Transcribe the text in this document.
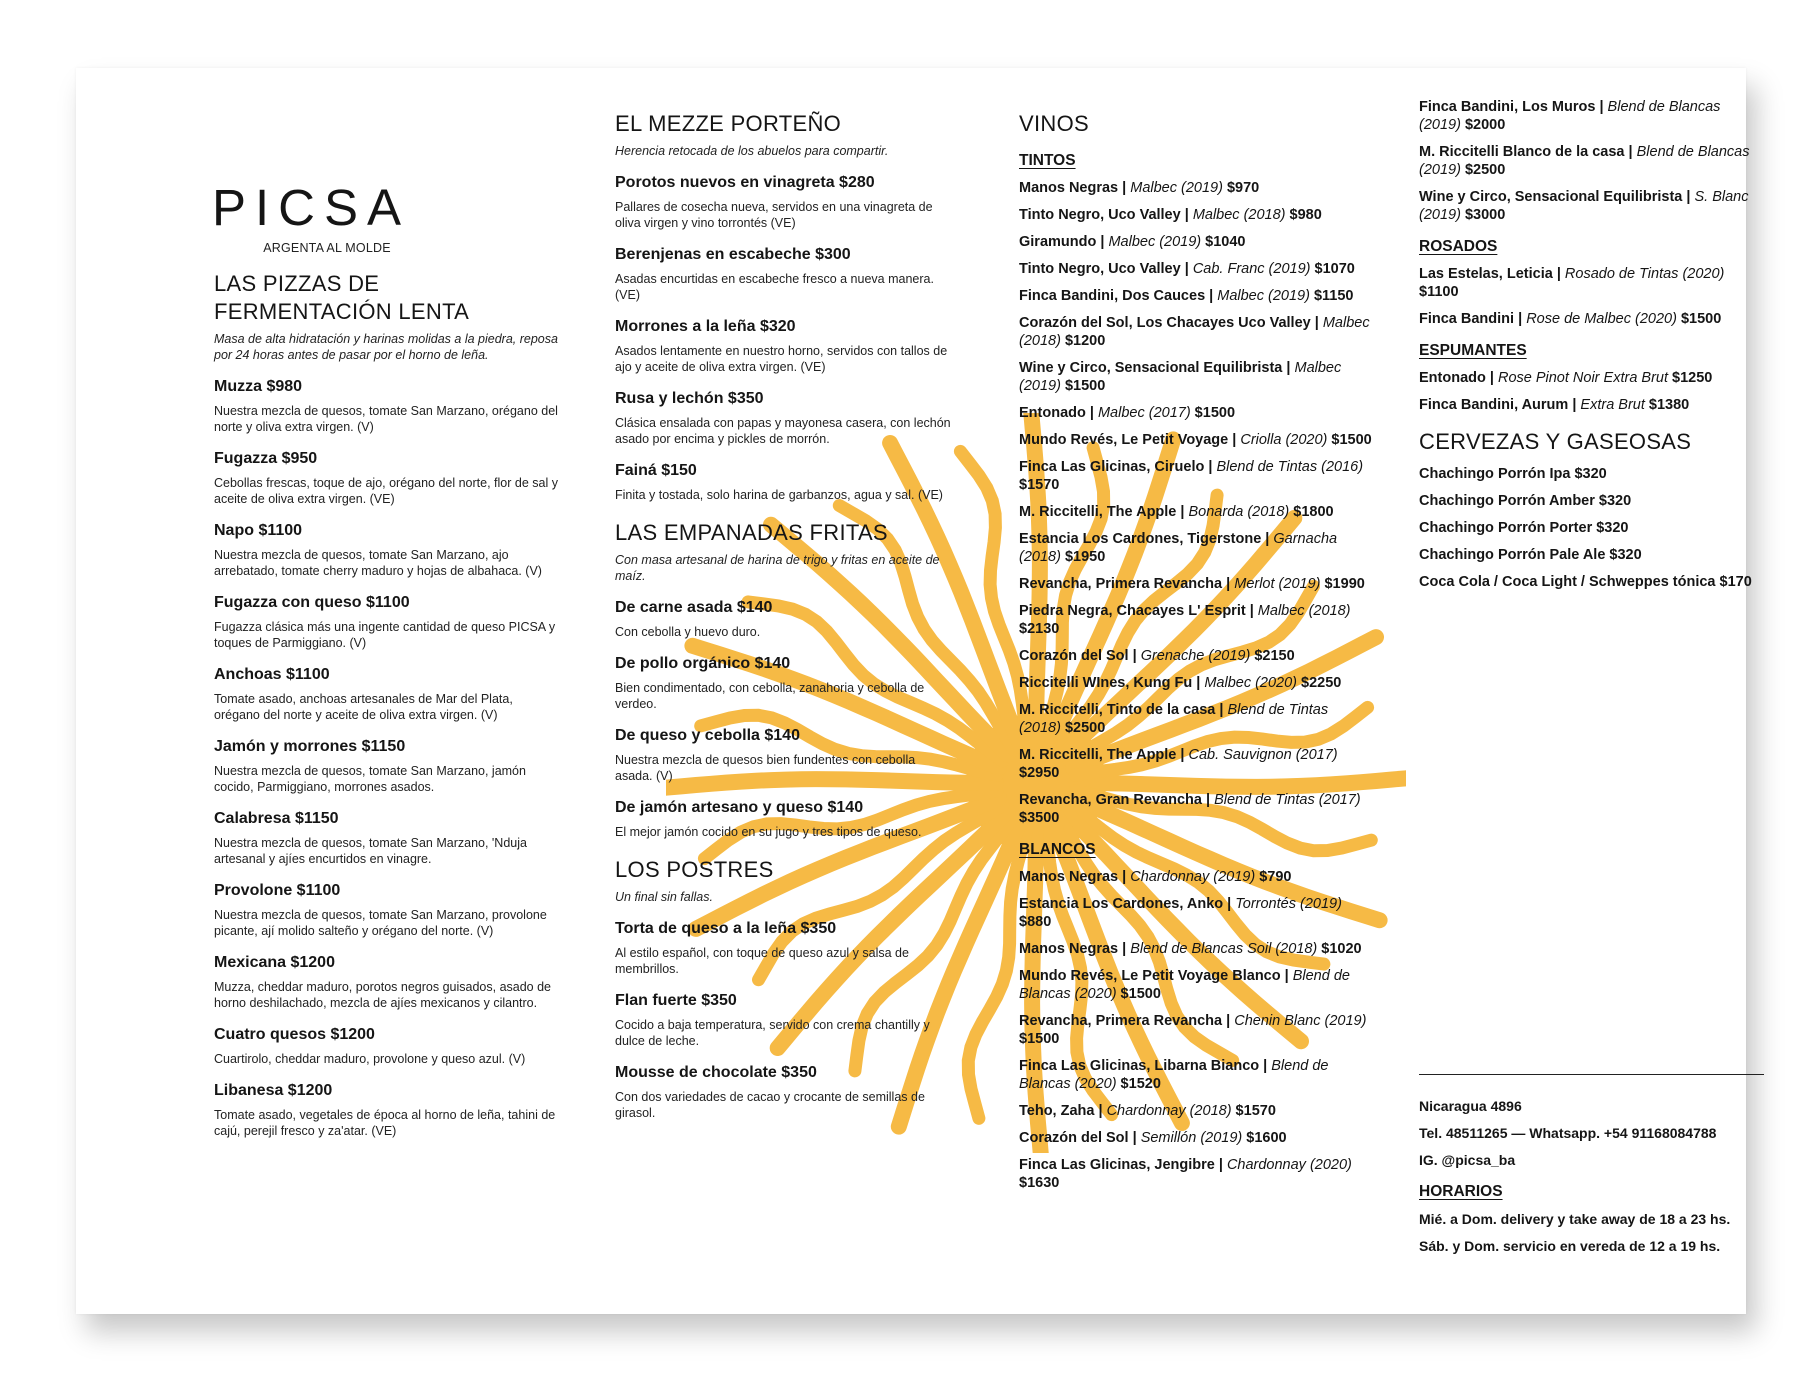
PICSA
ARGENTA AL MOLDE
LAS PIZZAS DE
FERMENTACIÓN LENTA
Masa de alta hidratación y harinas molidas a la piedra, reposa por 24 horas antes de pasar por el horno de leña.
Muzza $980
Nuestra mezcla de quesos, tomate San Marzano, orégano del norte y oliva extra virgen. (V)
Fugazza $950
Cebollas frescas, toque de ajo, orégano del norte, flor de sal y aceite de oliva extra virgen. (VE)
Napo $1100
Nuestra mezcla de quesos, tomate San Marzano, ajo arrebatado, tomate cherry maduro y hojas de albahaca. (V)
Fugazza con queso $1100
Fugazza clásica más una ingente cantidad de queso PICSA y toques de Parmiggiano. (V)
Anchoas $1100
Tomate asado, anchoas artesanales de Mar del Plata, orégano del norte y aceite de oliva extra virgen. (V)
Jamón y morrones $1150
Nuestra mezcla de quesos, tomate San Marzano, jamón cocido, Parmiggiano, morrones asados.
Calabresa $1150
Nuestra mezcla de quesos, tomate San Marzano, 'Nduja artesanal y ajíes encurtidos en vinagre.
Provolone $1100
Nuestra mezcla de quesos, tomate San Marzano, provolone picante, ají molido salteño y orégano del norte. (V)
Mexicana $1200
Muzza, cheddar maduro, porotos negros guisados, asado de horno deshilachado, mezcla de ajíes mexicanos y cilantro.
Cuatro quesos $1200
Cuartirolo, cheddar maduro, provolone y queso azul. (V)
Libanesa $1200
Tomate asado, vegetales de época al horno de leña, tahini de cajú, perejil fresco y za'atar. (VE)
EL MEZZE PORTEÑO
Herencia retocada de los abuelos para compartir.
Porotos nuevos en vinagreta $280
Pallares de cosecha nueva, servidos en una vinagreta de oliva virgen y vino torrontés (VE)
Berenjenas en escabeche $300
Asadas encurtidas en escabeche fresco a nueva manera. (VE)
Morrones a la leña $320
Asados lentamente en nuestro horno, servidos con tallos de ajo y aceite de oliva extra virgen. (VE)
Rusa y lechón $350
Clásica ensalada con papas y mayonesa casera, con lechón asado por encima y pickles de morrón.
Fainá $150
Finita y tostada, solo harina de garbanzos, agua y sal. (VE)
LAS EMPANADAS FRITAS
Con masa artesanal de harina de trigo y fritas en aceite de maíz.
De carne asada $140
Con cebolla y huevo duro.
De pollo orgánico $140
Bien condimentado, con cebolla, zanahoria y cebolla de verdeo.
De queso y cebolla $140
Nuestra mezcla de quesos bien fundentes con cebolla asada. (V)
De jamón artesano y queso $140
El mejor jamón cocido en su jugo y tres tipos de queso.
LOS POSTRES
Un final sin fallas.
Torta de queso a la leña $350
Al estilo español, con toque de queso azul y salsa de membrillos.
Flan fuerte $350
Cocido a baja temperatura, servido con crema chantilly y dulce de leche.
Mousse de chocolate $350
Con dos variedades de cacao y crocante de semillas de girasol.
VINOS
TINTOS
Manos Negras | Malbec (2019) $970
Tinto Negro, Uco Valley | Malbec (2018) $980
Giramundo | Malbec (2019) $1040
Tinto Negro, Uco Valley | Cab. Franc (2019) $1070
Finca Bandini, Dos Cauces | Malbec (2019) $1150
Corazón del Sol, Los Chacayes Uco Valley | Malbec (2018) $1200
Wine y Circo, Sensacional Equilibrista | Malbec (2019) $1500
Entonado | Malbec (2017) $1500
Mundo Revés, Le Petit Voyage | Criolla (2020) $1500
Finca Las Glicinas, Ciruelo | Blend de Tintas (2016) $1570
M. Riccitelli, The Apple | Bonarda (2018) $1800
Estancia Los Cardones, Tigerstone | Garnacha (2018) $1950
Revancha, Primera Revancha | Merlot (2019) $1990
Piedra Negra, Chacayes L' Esprit | Malbec (2018) $2130
Corazón del Sol | Grenache (2019) $2150
Riccitelli WInes, Kung Fu | Malbec (2020) $2250
M. Riccitelli, Tinto de la casa | Blend de Tintas (2018) $2500
M. Riccitelli, The Apple | Cab. Sauvignon (2017) $2950
Revancha, Gran Revancha | Blend de Tintas (2017) $3500
BLANCOS
Manos Negras | Chardonnay (2019) $790
Estancia Los Cardones, Anko | Torrontés (2019) $880
Manos Negras | Blend de Blancas Soil (2018) $1020
Mundo Revés, Le Petit Voyage Blanco | Blend de Blancas (2020) $1500
Revancha, Primera Revancha | Chenin Blanc (2019) $1500
Finca Las Glicinas, Libarna Bianco | Blend de Blancas (2020) $1520
Teho, Zaha | Chardonnay (2018) $1570
Corazón del Sol | Semillón (2019) $1600
Finca Las Glicinas, Jengibre | Chardonnay (2020) $1630
Finca Bandini, Los Muros | Blend de Blancas (2019) $2000
M. Riccitelli Blanco de la casa | Blend de Blancas (2019) $2500
Wine y Circo, Sensacional Equilibrista | S. Blanc (2019) $3000
ROSADOS
Las Estelas, Leticia | Rosado de Tintas (2020) $1100
Finca Bandini | Rose de Malbec (2020) $1500
ESPUMANTES
Entonado | Rose Pinot Noir Extra Brut $1250
Finca Bandini, Aurum | Extra Brut $1380
CERVEZAS Y GASEOSAS
Chachingo Porrón Ipa $320
Chachingo Porrón Amber $320
Chachingo Porrón Porter $320
Chachingo Porrón Pale Ale $320
Coca Cola / Coca Light / Schweppes tónica $170
Nicaragua 4896
Tel. 48511265 — Whatsapp. +54 91168084788
IG. @picsa_ba
HORARIOS
Mié. a Dom. delivery y take away de 18 a 23 hs.
Sáb. y Dom. servicio en vereda de 12 a 19 hs.
